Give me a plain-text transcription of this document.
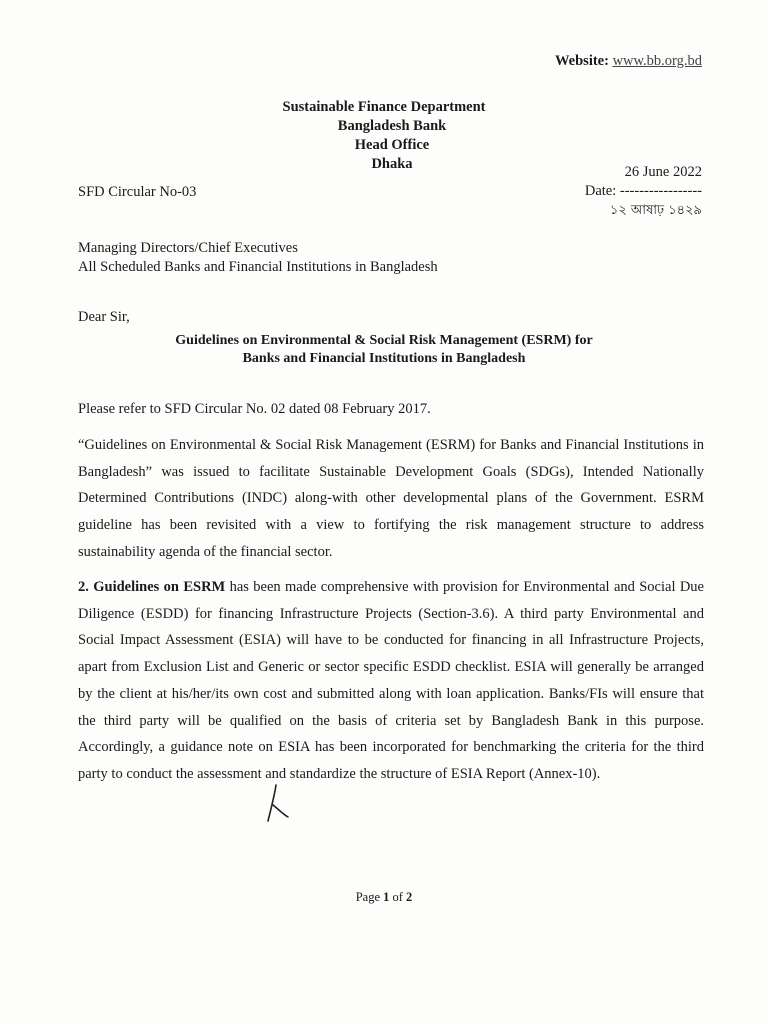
Website: www.bb.org.bd
Sustainable Finance Department
Bangladesh Bank
Head Office
Dhaka
SFD Circular No-03
26 June 2022
Date: -----------------
১২ আষাঢ় ১৪২৯
Managing Directors/Chief Executives
All Scheduled Banks and Financial Institutions in Bangladesh
Dear Sir,
Guidelines on Environmental & Social Risk Management (ESRM) for
Banks and Financial Institutions in Bangladesh
Please refer to SFD Circular No. 02 dated 08 February 2017.
“Guidelines on Environmental & Social Risk Management (ESRM) for Banks and Financial Institutions in Bangladesh” was issued to facilitate Sustainable Development Goals (SDGs), Intended Nationally Determined Contributions (INDC) along-with other developmental plans of the Government. ESRM guideline has been revisited with a view to fortifying the risk management structure to address sustainability agenda of the financial sector.
2. Guidelines on ESRM has been made comprehensive with provision for Environmental and Social Due Diligence (ESDD) for financing Infrastructure Projects (Section-3.6). A third party Environmental and Social Impact Assessment (ESIA) will have to be conducted for financing in all Infrastructure Projects, apart from Exclusion List and Generic or sector specific ESDD checklist. ESIA will generally be arranged by the client at his/her/its own cost and submitted along with loan application. Banks/FIs will ensure that the third party will be qualified on the basis of criteria set by Bangladesh Bank in this purpose. Accordingly, a guidance note on ESIA has been incorporated for benchmarking the criteria for the third party to conduct the assessment and standardize the structure of ESIA Report (Annex-10).
Page 1 of 2
